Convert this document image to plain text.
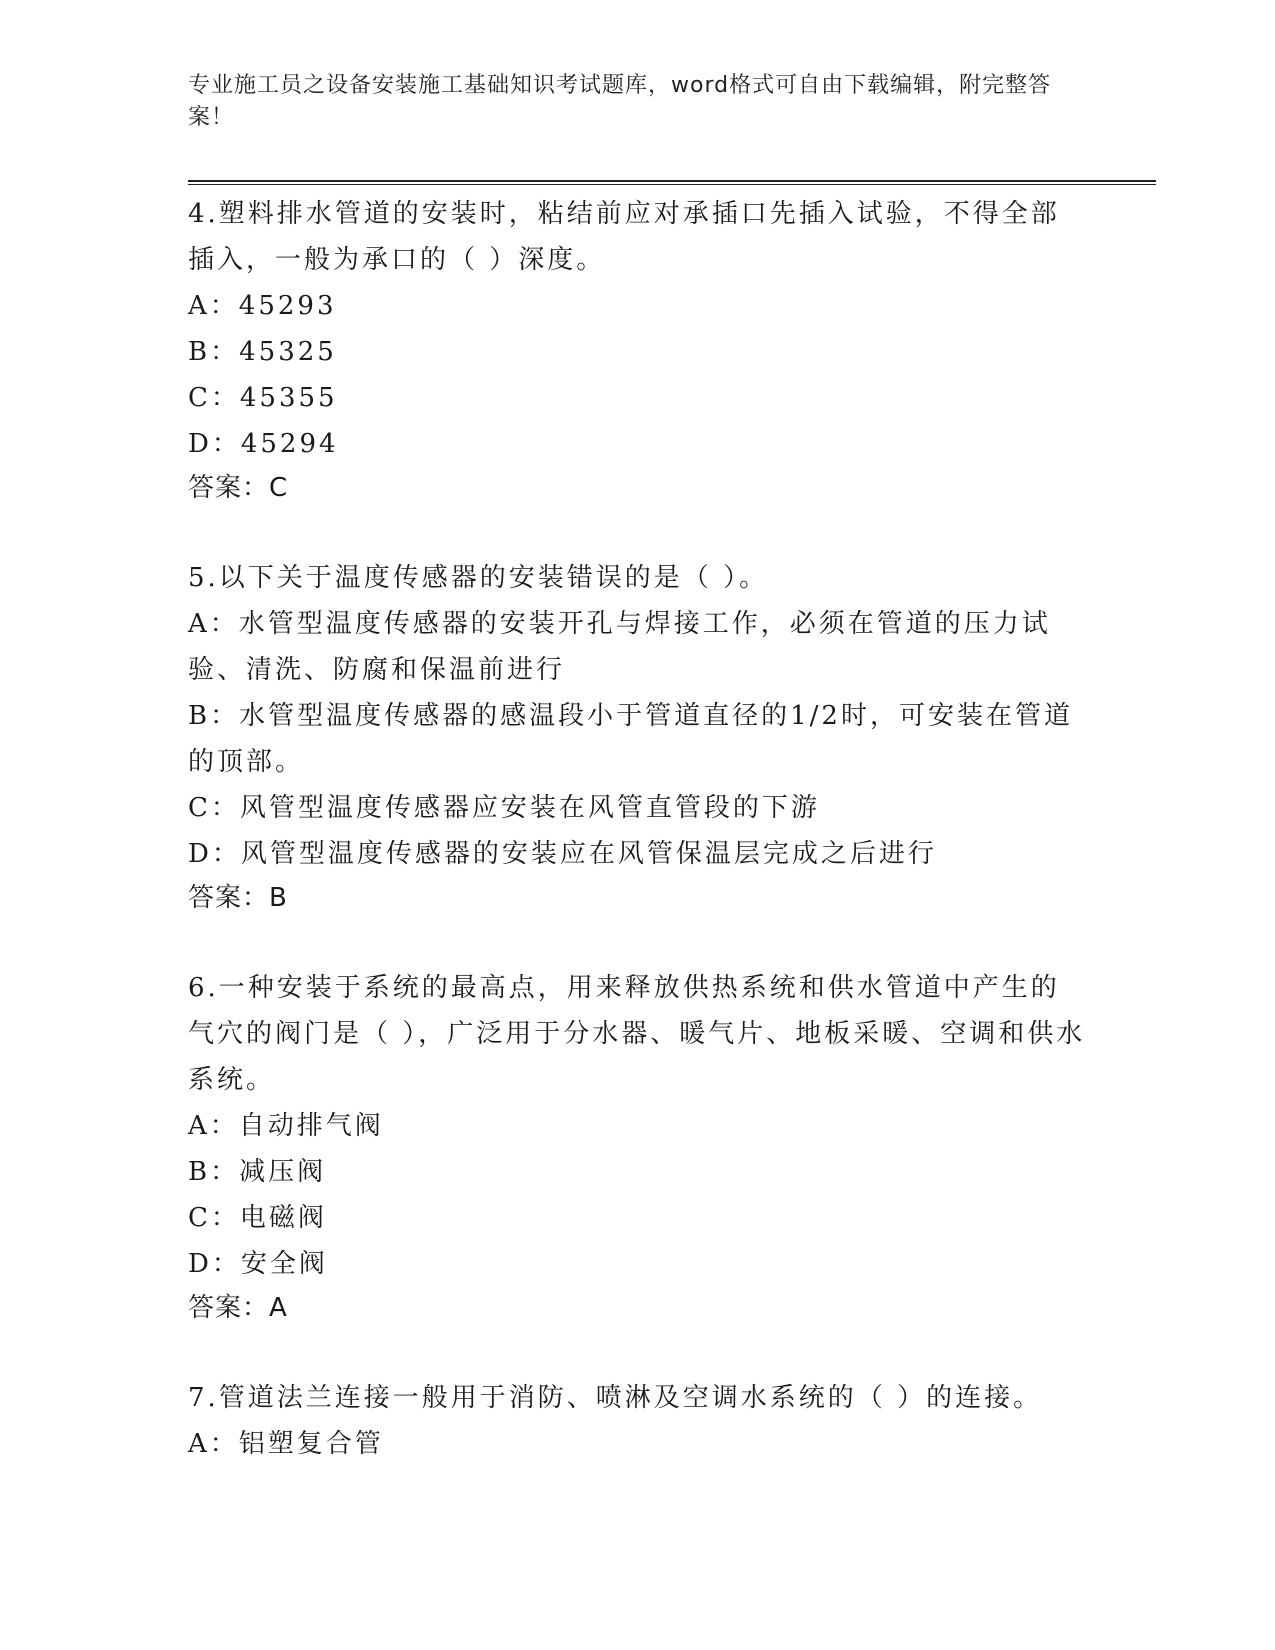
专业施工员之设备安装施工基础知识考试题库，word格式可自由下载编辑，附完整答案！
4.塑料排水管道的安装时，粘结前应对承插口先插入试验，不得全部插入，一般为承口的（ ）深度。
A：45293
B：45325
C：45355
D：45294
答案：C
5.以下关于温度传感器的安装错误的是（ ）。
A：水管型温度传感器的安装开孔与焊接工作，必须在管道的压力试验、清洗、防腐和保温前进行
B：水管型温度传感器的感温段小于管道直径的1/2时，可安装在管道的顶部。
C：风管型温度传感器应安装在风管直管段的下游
D：风管型温度传感器的安装应在风管保温层完成之后进行
答案：B
6.一种安装于系统的最高点，用来释放供热系统和供水管道中产生的气穴的阀门是（ ），广泛用于分水器、暖气片、地板采暖、空调和供水系统。
A：自动排气阀
B：减压阀
C：电磁阀
D：安全阀
答案：A
7.管道法兰连接一般用于消防、喷淋及空调水系统的（ ）的连接。
A：铝塑复合管
